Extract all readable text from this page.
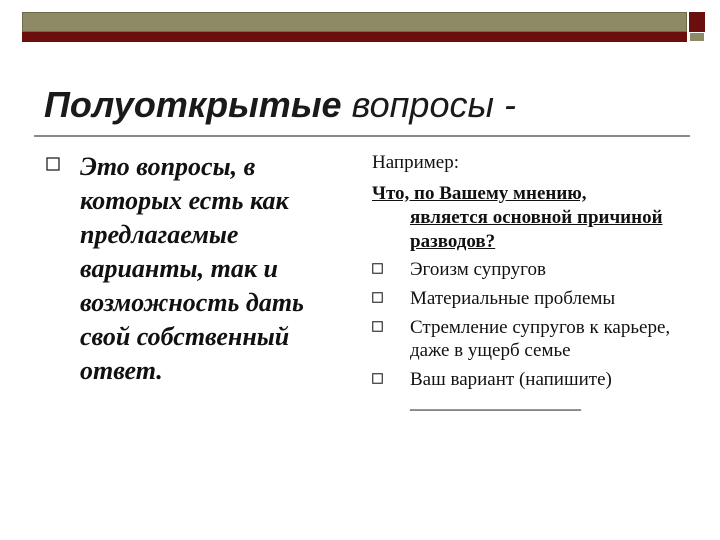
Полуоткрытые вопросы -
Это вопросы, в которых есть как предлагаемые варианты, так и возможность дать свой собственный ответ.
Например:
Что, по Вашему мнению,
является основной причиной разводов?
Эгоизм супругов
Материальные проблемы
Стремление супругов к карьере, даже в ущерб семье
Ваш вариант (напишите) __________________
